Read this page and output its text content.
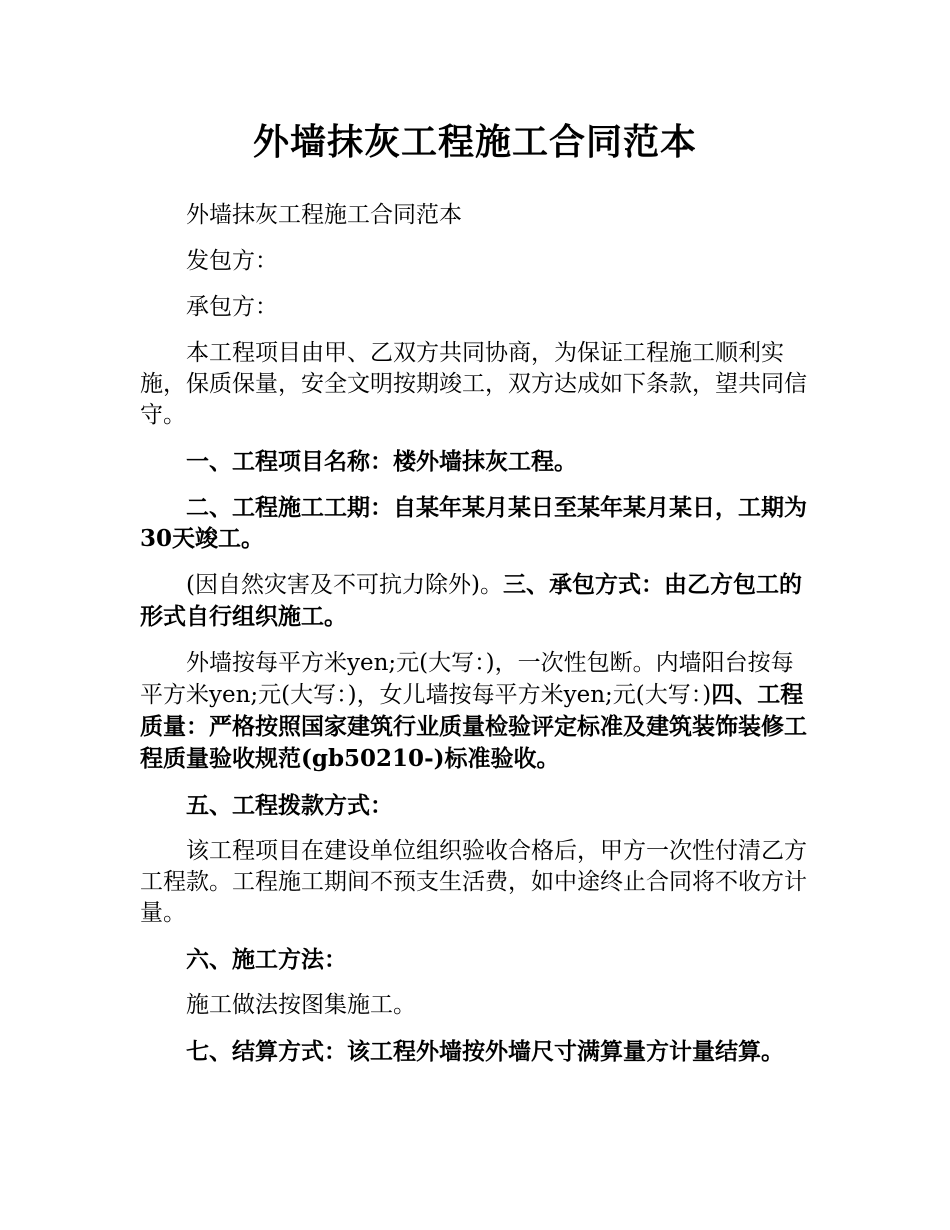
外墙抹灰工程施工合同范本

外墙抹灰工程施工合同范本

发包方：

承包方：

本工程项目由甲、乙双方共同协商，为保证工程施工顺利实施，保质保量，安全文明按期竣工，双方达成如下条款，望共同信守。

一、工程项目名称：楼外墙抹灰工程。

二、工程施工工期：自某年某月某日至某年某月某日，工期为30天竣工。

(因自然灾害及不可抗力除外)。三、承包方式：由乙方包工的形式自行组织施工。

外墙按每平方米yen;元(大写：)，一次性包断。内墙阳台按每平方米yen;元(大写：)，女儿墙按每平方米yen;元(大写：)四、工程质量：严格按照国家建筑行业质量检验评定标准及建筑装饰装修工程质量验收规范(gb50210-)标准验收。

五、工程拨款方式：

该工程项目在建设单位组织验收合格后，甲方一次性付清乙方工程款。工程施工期间不预支生活费，如中途终止合同将不收方计量。

六、施工方法：

施工做法按图集施工。

七、结算方式：该工程外墙按外墙尺寸满算量方计量结算。
